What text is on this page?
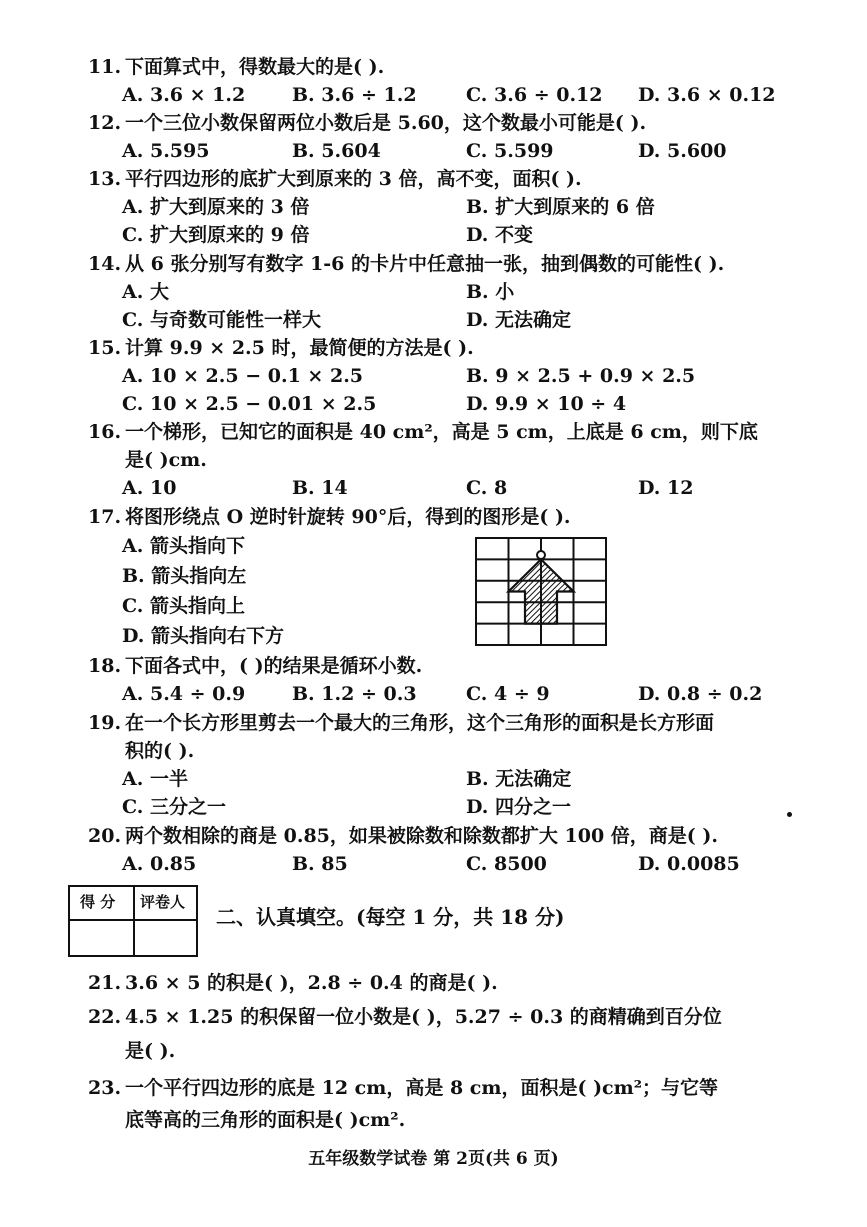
11. 下面算式中，得数最大的是( ).
A. 3.6 × 1.2 B. 3.6 ÷ 1.2	C. 3.6 ÷ 0.12 D. 3.6 × 0.12
12. 一个三位小数保留两位小数后是 5.60，这个数最小可能是( ).
A. 5.595	B. 5.604	C. 5.599	D. 5.600
13. 平行四边形的底扩大到原来的 3 倍，高不变，面积( ).
A. 扩大到原来的 3 倍	B. 扩大到原来的 6 倍
C. 扩大到原来的 9 倍	D. 不变
14. 从 6 张分别写有数字 1-6 的卡片中任意抽一张，抽到偶数的可能性( ).
A. 大	B. 小
C. 与奇数可能性一样大	D. 无法确定
15. 计算 9.9 × 2.5 时，最简便的方法是( ).
A. 10 × 2.5 − 0.1 × 2.5	B. 9 × 2.5 + 0.9 × 2.5
C. 10 × 2.5 − 0.01 × 2.5	D. 9.9 × 10 ÷ 4
16. 一个梯形，已知它的面积是 40 cm²，高是 5 cm，上底是 6 cm，则下底
是( )cm.
A. 10	B. 14	C. 8	D. 12
17. 将图形绕点 O 逆时针旋转 90°后，得到的图形是( ).
A. 箭头指向下
B. 箭头指向左
C. 箭头指向上
D. 箭头指向右下方
18. 下面各式中，( )的结果是循环小数.
A. 5.4 ÷ 0.9 B. 1.2 ÷ 0.3	C. 4 ÷ 9	D. 0.8 ÷ 0.2
19. 在一个长方形里剪去一个最大的三角形，这个三角形的面积是长方形面
积的( ).
A. 一半	B. 无法确定
C. 三分之一	D. 四分之一
20. 两个数相除的商是 0.85，如果被除数和除数都扩大 100 倍，商是( ).
A. 0.85	B. 85	C. 8500	D. 0.0085
得 分 评卷人
二、认真填空。(每空 1 分，共 18 分)
21. 3.6 × 5 的积是( )，2.8 ÷ 0.4 的商是( ).
22. 4.5 × 1.25 的积保留一位小数是( )，5.27 ÷ 0.3 的商精确到百分位
是( ).
23. 一个平行四边形的底是 12 cm，高是 8 cm，面积是( )cm²；与它等
底等高的三角形的面积是( )cm².
五年级数学试卷 第 2页(共 6 页)
